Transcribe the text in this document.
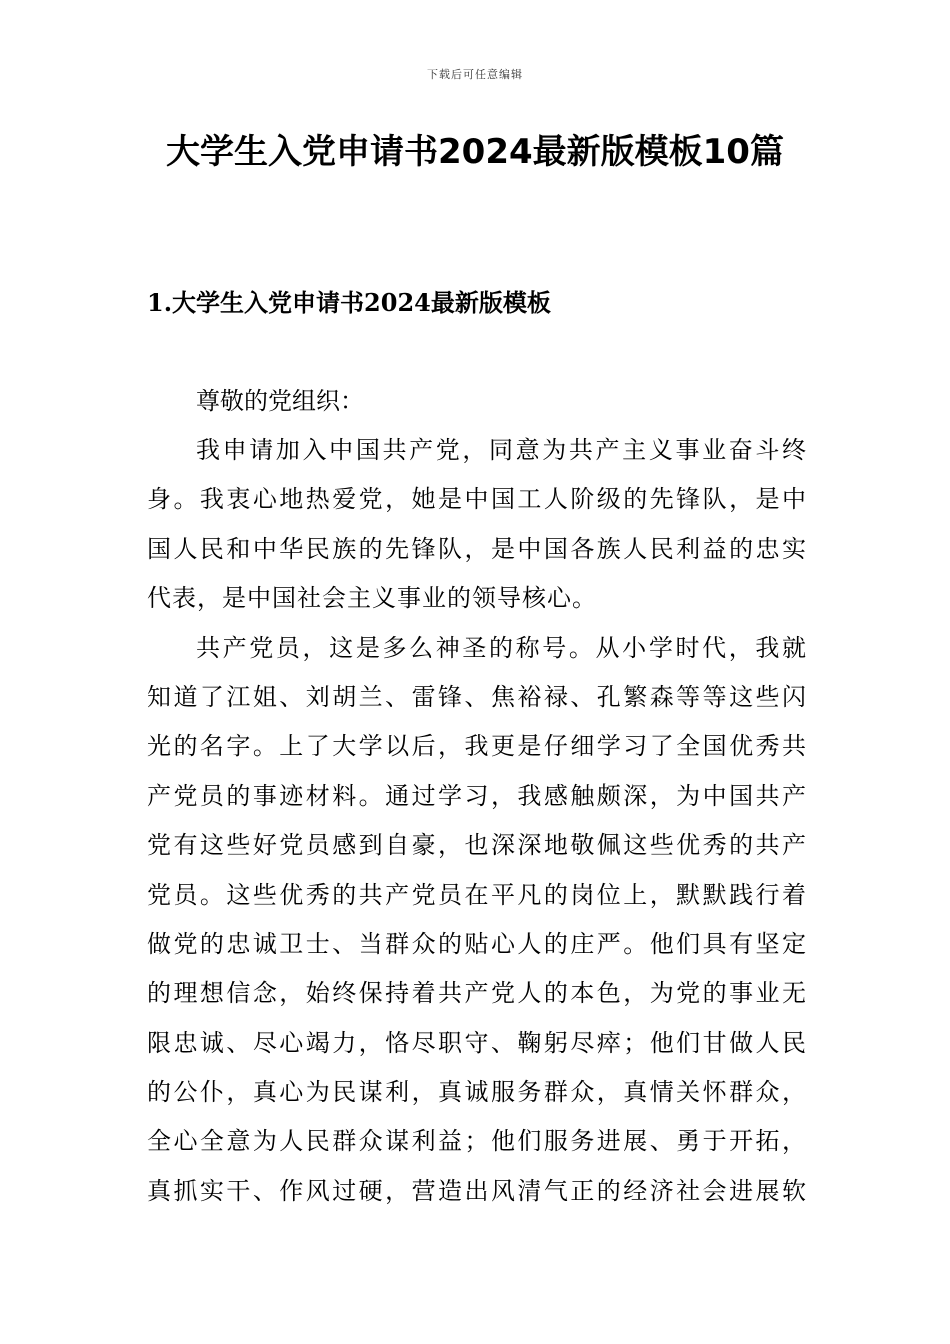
下载后可任意编辑
大学生入党申请书2024最新版模板10篇
1.大学生入党申请书2024最新版模板
尊敬的党组织：
我申请加入中国共产党，同意为共产主义事业奋斗终
身。我衷心地热爱党，她是中国工人阶级的先锋队，是中
国人民和中华民族的先锋队，是中国各族人民利益的忠实
代表，是中国社会主义事业的领导核心。
共产党员，这是多么神圣的称号。从小学时代，我就
知道了江姐、刘胡兰、雷锋、焦裕禄、孔繁森等等这些闪
光的名字。上了大学以后，我更是仔细学习了全国优秀共
产党员的事迹材料。通过学习，我感触颇深，为中国共产
党有这些好党员感到自豪，也深深地敬佩这些优秀的共产
党员。这些优秀的共产党员在平凡的岗位上，默默践行着
做党的忠诚卫士、当群众的贴心人的庄严。他们具有坚定
的理想信念，始终保持着共产党人的本色，为党的事业无
限忠诚、尽心竭力，恪尽职守、鞠躬尽瘁；他们甘做人民
的公仆，真心为民谋利，真诚服务群众，真情关怀群众，
全心全意为人民群众谋利益；他们服务进展、勇于开拓，
真抓实干、作风过硬，营造出风清气正的经济社会进展软
